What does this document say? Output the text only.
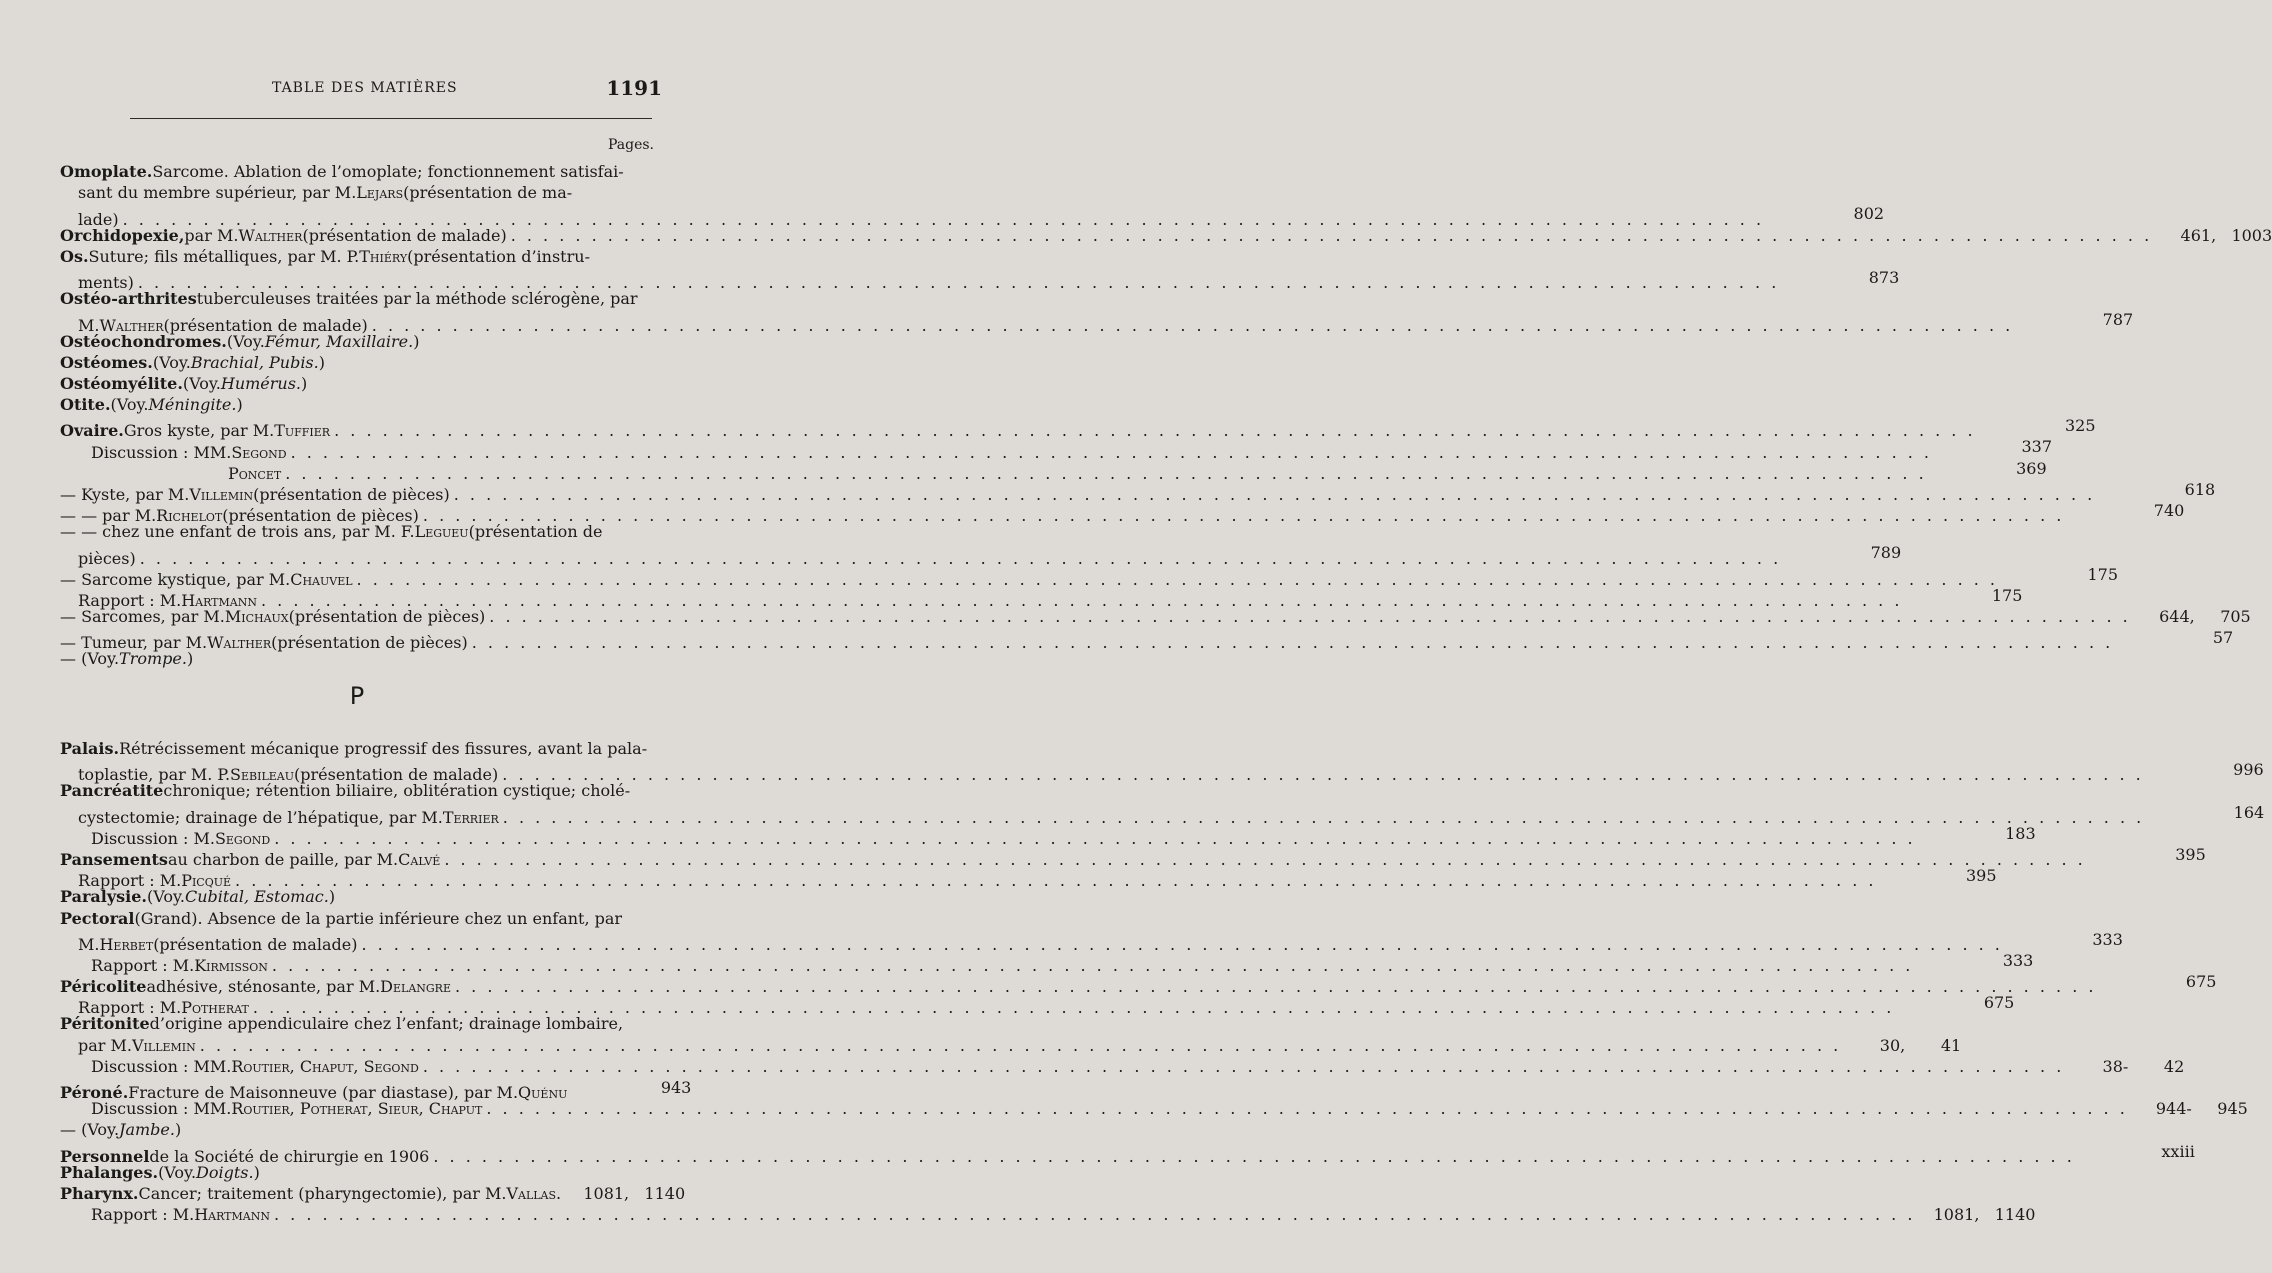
TABLE DES MATIÈRES	1191
Pages.
Omoplate. Sarcome. Ablation de l’omoplate; fonctionnement satisfai-
sant du membre supérieur, par M. Lejars (présentation de ma-
lade) . . .	802
Orchidopexie, par M. Walther (présentation de malade) . . .	461, 1003
Os. Suture; fils métalliques, par M. P. Thiéry (présentation d’instru-
ments) . . .	873
Ostéo-arthrites tuberculeuses traitées par la méthode sclérogène, par
M. Walther (présentation de malade) . . .	787
Ostéochondromes. (Voy. Fémur, Maxillaire. )
Ostéomes. (Voy. Brachial, Pubis. )
Ostéomyélite. (Voy. Humérus. )
Otite. (Voy. Méningite. )
Ovaire. Gros kyste, par M. Tuffier . . .	325
Discussion : MM. Segond . . .	337
Poncet . . .	369
— Kyste, par M. Villemin (présentation de pièces) . . .	618
— — par M. Richelot (présentation de pièces) . . .	740
— — chez une enfant de trois ans, par M. F. Legueu (présentation de
pièces) . . .	789
— Sarcome kystique, par M. Chauvel . . .	175
Rapport : M. Hartmann . . .	175
— Sarcomes, par M. Michaux (présentation de pièces) . . .	644,	705
— Tumeur, par M. Walther (présentation de pièces) . . .	57
— (Voy. Trompe. )
P
Palais. Rétrécissement mécanique progressif des fissures, avant la pala-
toplastie, par M. P. Sebileau (présentation de malade) . . .	996
Pancréatite chronique; rétention biliaire, oblitération cystique; cholé-
cystectomie; drainage de l’hépatique, par M. Terrier . . .	164
Discussion : M. Segond . . .	183
Pansements au charbon de paille, par M. Calvé . . .	395
Rapport : M. Picqué . . .	395
Paralysie. (Voy. Cubital, Estomac. )
Pectoral (Grand). Absence de la partie inférieure chez un enfant, par
M. Herbet (présentation de malade) . . .	333
Rapport : M. Kirmisson . . .	333
Péricolite adhésive, sténosante, par M. Delangre . . .	675
Rapport : M. Potherat . . .	675
Péritonite d’origine appendiculaire chez l’enfant; drainage lombaire,
par M. Villemin . . .	30,	41
Discussion : MM. Routier, Chaput, Segond . . .	38-	42
Péroné. Fracture de Maisonneuve (par diastase), par M. Quénu	943
Discussion : MM. Routier, Potherat, Sieur, Chaput . . .	944-	945
— (Voy. Jambe. )
Personnel de la Société de chirurgie en 1906 . . .	xxiii
Phalanges. (Voy. Doigts. )
Pharynx. Cancer; traitement (pharyngectomie), par M. Vallas .	1081, 1140
Rapport : M. Hartmann . . .	1081, 1140
